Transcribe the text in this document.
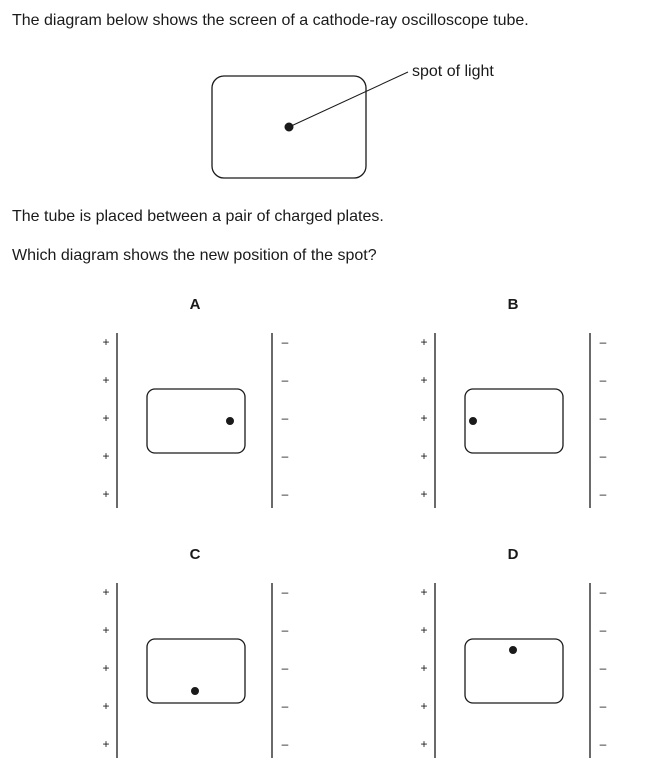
The diagram below shows the screen of a cathode-ray oscilloscope tube.

spot of light

The tube is placed between a pair of charged plates.

Which diagram shows the new position of the spot?

A	B
C	D
+	–
+	–
+	–
+	–
+	–
+	–
+	–
+	–
+	–
+	–
+	–
+	–
+	–
+	–
+	–
+	–
+	–
+	–
+	–
+	–
